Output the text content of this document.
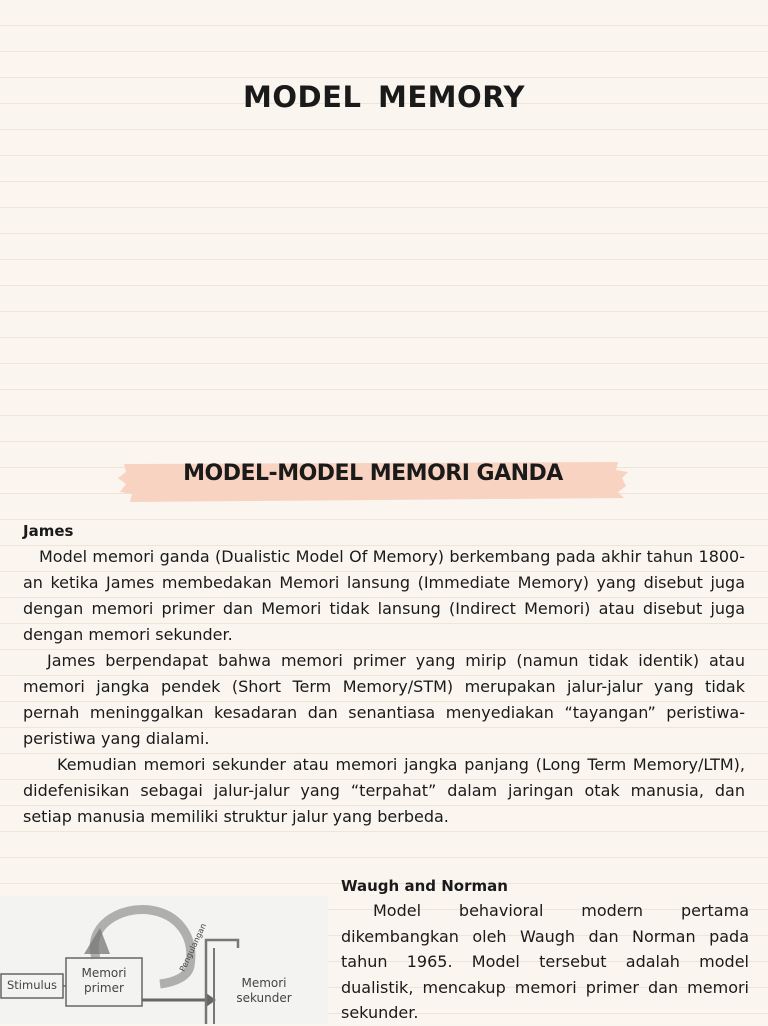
MODEL MEMORY
MODEL-MODEL MEMORI GANDA
James

Model memori ganda (Dualistic Model Of Memory) berkembang pada akhir tahun 1800-an ketika James membedakan Memori lansung (Immediate Memory) yang disebut juga dengan memori primer dan Memori tidak lansung (Indirect Memori) atau disebut juga dengan memori sekunder.

James berpendapat bahwa memori primer yang mirip (namun tidak identik) atau memori jangka pendek (Short Term Memory/STM) merupakan jalur-jalur yang tidak pernah meninggalkan kesadaran dan senantiasa menyediakan “tayangan” peristiwa-peristiwa yang dialami.

Kemudian memori sekunder atau memori jangka panjang (Long Term Memory/LTM), didefenisikan sebagai jalur-jalur yang “terpahat” dalam jaringan otak manusia, dan setiap manusia memiliki struktur jalur yang berbeda.

Stimulus
Memori primer	Memori sekunder
Pengulangan
Waugh and Norman

Model behavioral modern pertama dikembangkan oleh Waugh dan Norman pada tahun 1965. Model tersebut adalah model dualistik, mencakup memori primer dan memori sekunder.
